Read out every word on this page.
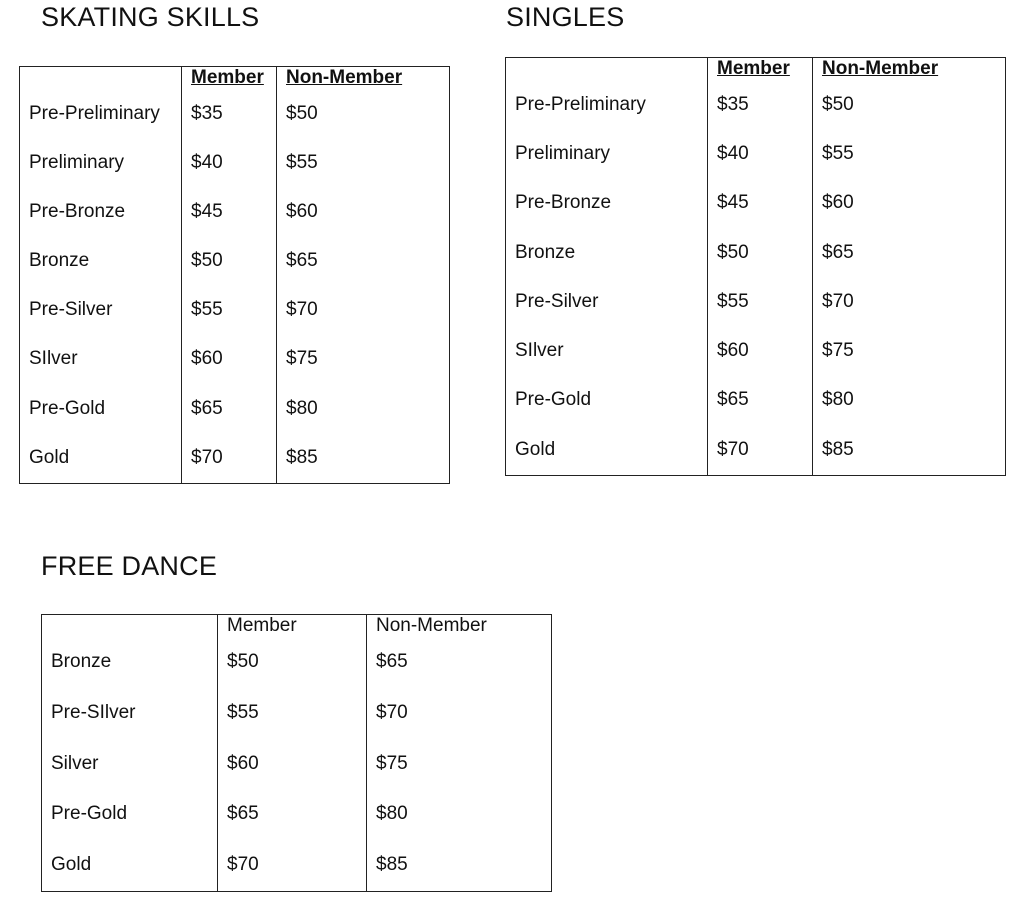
SKATING SKILLS
	Member	Non-Member
Pre-Preliminary	$35	$50
Preliminary	$40	$55
Pre-Bronze	$45	$60
Bronze	$50	$65
Pre-Silver	$55	$70
SIlver	$60	$75
Pre-Gold	$65	$80
Gold	$70	$85
SINGLES
	Member	Non-Member
Pre-Preliminary	$35	$50
Preliminary	$40	$55
Pre-Bronze	$45	$60
Bronze	$50	$65
Pre-Silver	$55	$70
SIlver	$60	$75
Pre-Gold	$65	$80
Gold	$70	$85
FREE DANCE
	Member	Non-Member
Bronze	$50	$65
Pre-SIlver	$55	$70
Silver	$60	$75
Pre-Gold	$65	$80
Gold	$70	$85
